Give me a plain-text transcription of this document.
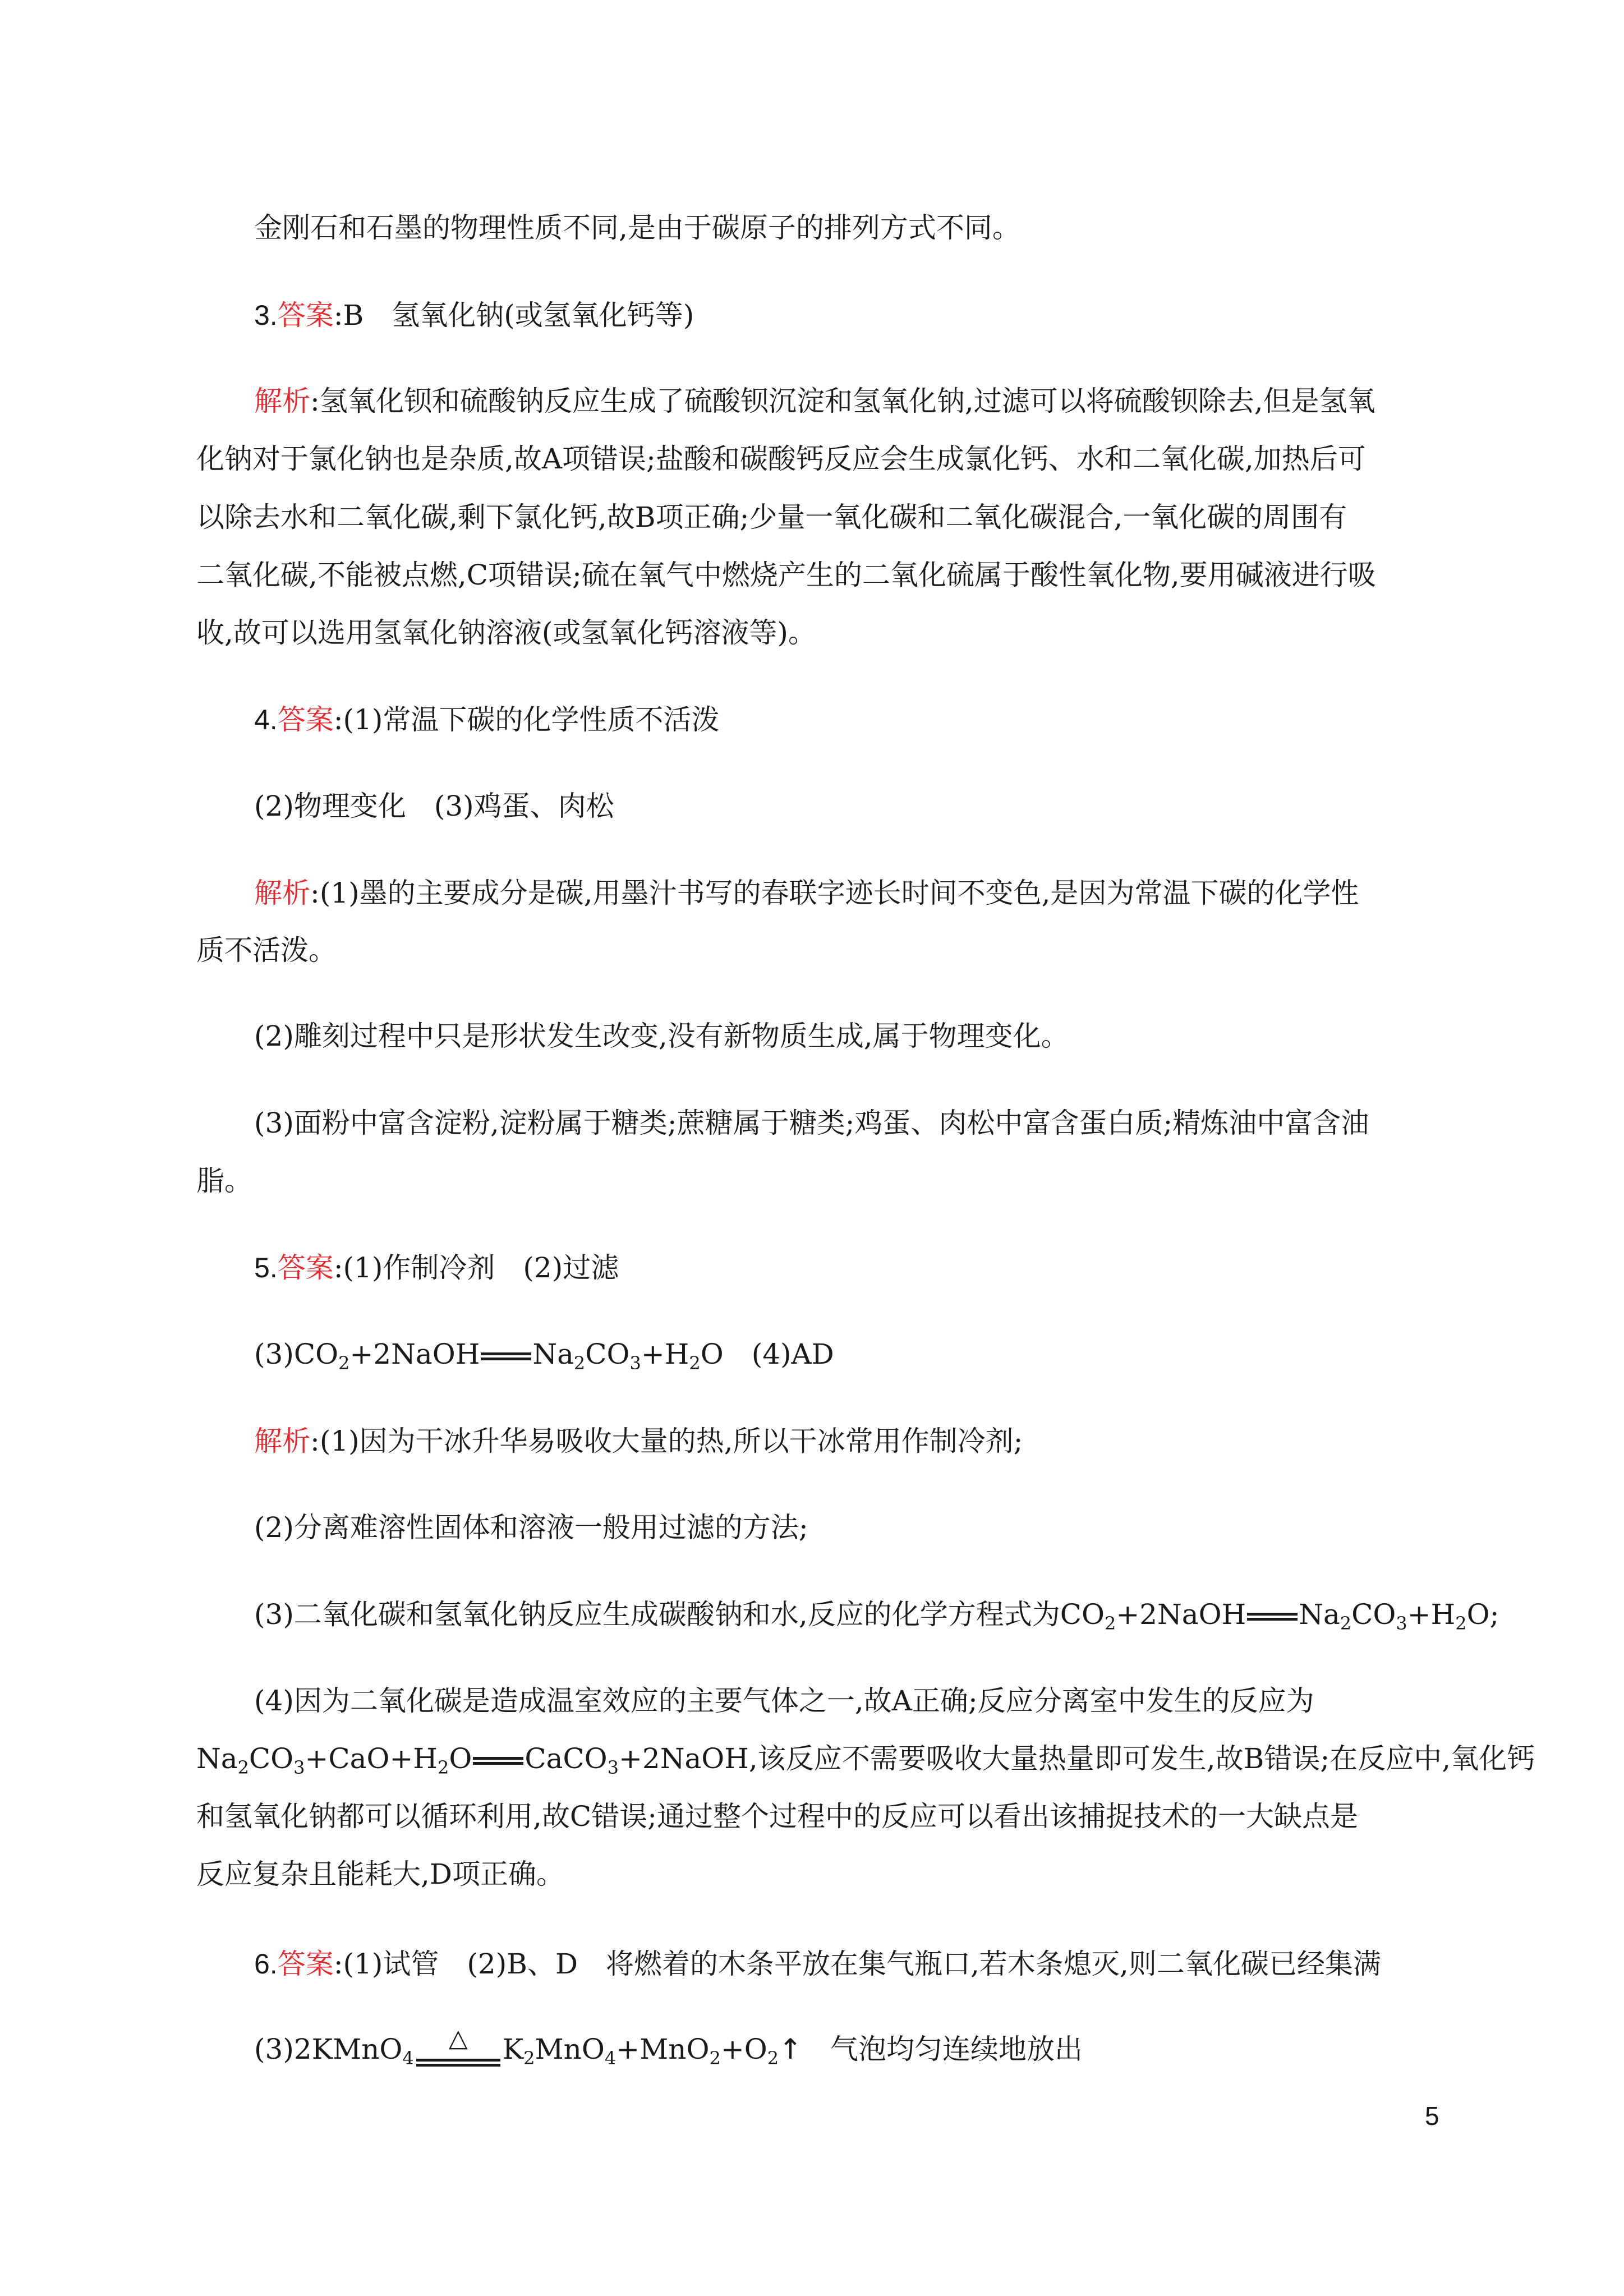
金刚石和石墨的物理性质不同,是由于碳原子的排列方式不同。
3.答案:B　氢氧化钠(或氢氧化钙等)
解析:氢氧化钡和硫酸钠反应生成了硫酸钡沉淀和氢氧化钠,过滤可以将硫酸钡除去,但是氢氧
化钠对于氯化钠也是杂质,故A项错误;盐酸和碳酸钙反应会生成氯化钙、水和二氧化碳,加热后可
以除去水和二氧化碳,剩下氯化钙,故B项正确;少量一氧化碳和二氧化碳混合,一氧化碳的周围有
二氧化碳,不能被点燃,C项错误;硫在氧气中燃烧产生的二氧化硫属于酸性氧化物,要用碱液进行吸
收,故可以选用氢氧化钠溶液(或氢氧化钙溶液等)。
4.答案:(1)常温下碳的化学性质不活泼
(2)物理变化　(3)鸡蛋、肉松
解析:(1)墨的主要成分是碳,用墨汁书写的春联字迹长时间不变色,是因为常温下碳的化学性
质不活泼。
(2)雕刻过程中只是形状发生改变,没有新物质生成,属于物理变化。
(3)面粉中富含淀粉,淀粉属于糖类;蔗糖属于糖类;鸡蛋、肉松中富含蛋白质;精炼油中富含油
脂。
5.答案:(1)作制冷剂　(2)过滤
$(3)CO_2+2NaOH$ $Na_2CO_3+H_2O$　(4)AD
解析:(1)因为干冰升华易吸收大量的热,所以干冰常用作制冷剂;
(2)分离难溶性固体和溶液一般用过滤的方法;
(3)二氧化碳和氢氧化钠反应生成碳酸钠和水,反应的化学方程式为$CO_2+2NaOH$ $Na_2CO_3+H_2O$;
(4)因为二氧化碳是造成温室效应的主要气体之一,故A正确;反应分离室中发生的反应为
$Na_2CO_3+CaO+H_2O$ CaCO$_3$+2NaOH,该反应不需要吸收大量热量即可发生,故B错误;在反应中,氧化钙
和氢氧化钠都可以循环利用,故C错误;通过整个过程中的反应可以看出该捕捉技术的一大缺点是
反应复杂且能耗大,D项正确。
6.答案:(1)试管　(2)B、D　将燃着的木条平放在集气瓶口,若木条熄灭,则二氧化碳已经集满
(3)2KMnO$_4$
△ $K_2MnO_4+MnO_2+O_2↑$　气泡均匀连续地放出
5
